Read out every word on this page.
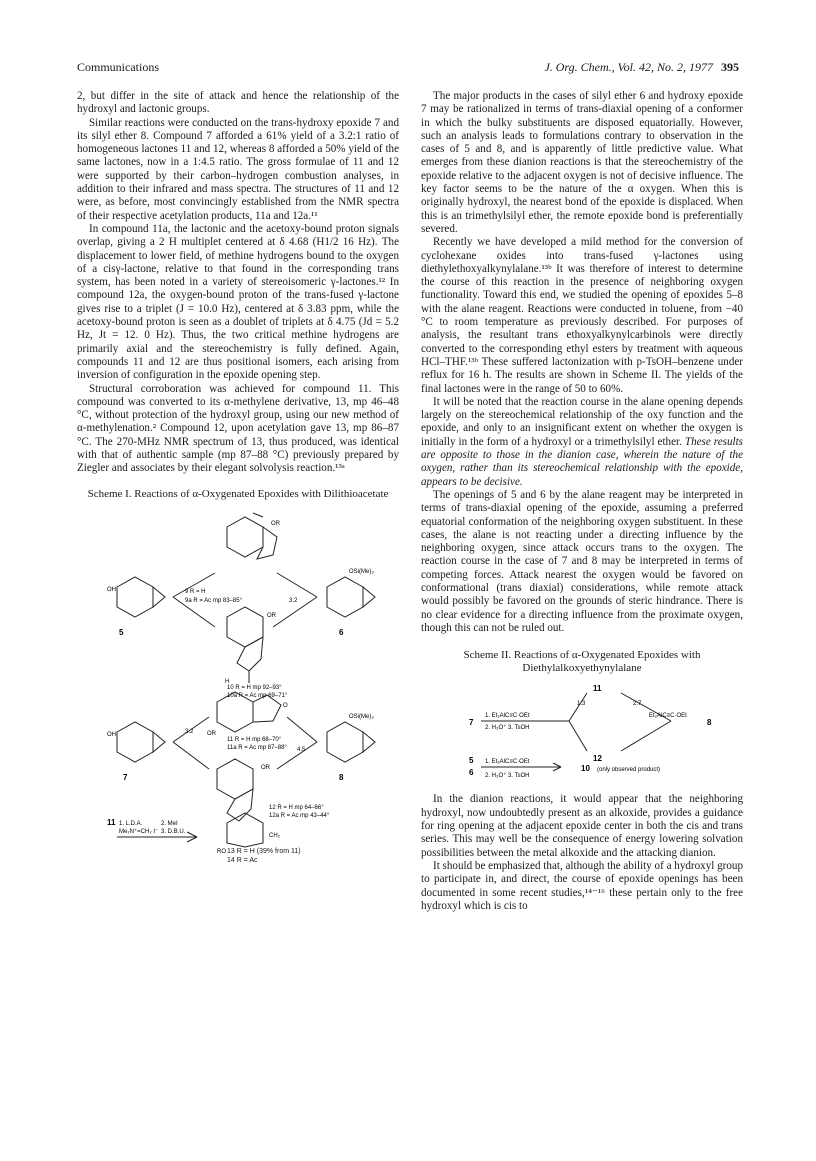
Communications	J. Org. Chem., Vol. 42, No. 2, 1977 395

2, but differ in the site of attack and hence the relationship of the hydroxyl and lactonic groups.

Similar reactions were conducted on the trans-hydroxy epoxide 7 and its silyl ether 8. Compound 7 afforded a 61% yield of a 3.2:1 ratio of homogeneous lactones 11 and 12, whereas 8 afforded a 50% yield of the same lactones, now in a 1:4.5 ratio. The gross formulae of 11 and 12 were supported by their carbon–hydrogen combustion analyses, in addition to their infrared and mass spectra. The structures of 11 and 12 were, as before, most convincingly established from the NMR spectra of their respective acetylation products, 11a and 12a.¹¹

In compound 11a, the lactonic and the acetoxy-bound proton signals overlap, giving a 2 H multiplet centered at δ 4.68 (H1/2 16 Hz). The displacement to lower field, of methine hydrogens bound to the oxygen of a cisγ-lactone, relative to that found in the corresponding trans system, has been noted in a variety of stereoisomeric γ-lactones.¹² In compound 12a, the oxygen-bound proton of the trans-fused γ-lactone gives rise to a triplet (J = 10.0 Hz), centered at δ 3.83 ppm, while the acetoxy-bound proton is seen as a doublet of triplets at δ 4.75 (Jd = 5.2 Hz, Jt = 12. 0 Hz). Thus, the two critical methine hydrogens are primarily axial and the stereochemistry is fully defined. Again, compounds 11 and 12 are thus positional isomers, each arising from inversion of configuration in the epoxide opening step.

Structural corroboration was achieved for compound 11. This compound was converted to its α-methylene derivative, 13, mp 46–48 °C, without protection of the hydroxyl group, using our new method of α-methylenation.² Compound 12, upon acetylation gave 13, mp 86–87 °C. The 270-MHz NMR spectrum of 13, thus produced, was identical with that of authentic sample (mp 87–88 °C) previously prepared by Ziegler and associates by their elegant solvolysis reaction.¹³ᵃ

Scheme I. Reactions of α-Oxygenated Epoxides with Dilithioacetate
OR
OH
5
9 R = H
9a R = Ac mp 83–85°	3.2
OSi(Me)₃
6
OR
H
10 R = H mp 92–93°
10a R = Ac mp 69–71°
OH
7
3.2
11 R = H mp 68–70°
11a R = Ac mp 87–88° 4.5
OSi(Me)₃
8
OR
OR
O
12 R = H mp 64–66°
12a R = Ac mp 43–44°
11 1. L.D.A.
Me₂N⁺=CH₂ I⁻
2. MeI
3. D.B.U.
CH₂
RO 13 R = H (39% from 11)
14 R = Ac

The major products in the cases of silyl ether 6 and hydroxy epoxide 7 may be rationalized in terms of trans-diaxial opening of a conformer in which the bulky substituents are disposed equatorially. However, such an analysis leads to formulations contrary to observation in the cases of 5 and 8, and is apparently of little predictive value. What emerges from these dianion reactions is that the stereochemistry of the epoxide relative to the adjacent oxygen is not of decisive influence. The key factor seems to be the nature of the α oxygen. When this is originally hydroxyl, the nearest bond of the epoxide is displaced. When this is an trimethylsilyl ether, the remote epoxide bond is preferentially severed.

Recently we have developed a mild method for the conversion of cyclohexane oxides into trans-fused γ-lactones using diethylethoxyalkynylalane.¹³ᵇ It was therefore of interest to determine the course of this reaction in the presence of neighboring oxygen functionality. Toward this end, we studied the opening of epoxides 5–8 with the alane reagent. Reactions were conducted in toluene, from −40 °C to room temperature as previously described. For purposes of analysis, the resultant trans ethoxyalkynylcarbinols were directly converted to the corresponding ethyl esters by treatment with aqueous HCl–THF.¹³ᵇ These suffered lactonization with p-TsOH–benzene under reflux for 16 h. The results are shown in Scheme II. The yields of the final lactones were in the range of 50 to 60%.

It will be noted that the reaction course in the alane opening depends largely on the stereochemical relationship of the oxy function and the epoxide, and only to an insignificant extent on whether the oxygen is initially in the form of a hydroxyl or a trimethylsilyl ether. These results are opposite to those in the dianion case, wherein the nature of the oxygen, rather than its stereochemical relationship with the epoxide, appears to be decisive.

The openings of 5 and 6 by the alane reagent may be interpreted in terms of trans-diaxial opening of the epoxide, assuming a preferred equatorial conformation of the neighboring oxygen substituent. In these cases, the alane is not reacting under a directing influence by the neighboring oxygen, since attack occurs trans to the oxygen. The reaction course in the case of 7 and 8 may be interpreted in terms of competing forces. Attack nearest the oxygen would be favored on conformational (trans diaxial) considerations, while remote attack would possibly be favored on the grounds of steric hindrance. There is no clear evidence for a directing influence from the proximate oxygen, though this can not be ruled out.

Scheme II. Reactions of α-Oxygenated Epoxides with Diethylalkoxyethynylalane
11
12
1.3	2.7
7
1. Et₂AlC≡C·OEt
2. H₃O⁺ 3. TsOH
Et₂AlC≡C·OEt
8
5
6
1. Et₂AlC≡C·OEt
2. H₃O⁺ 3. TsOH
10 (only observed product)

In the dianion reactions, it would appear that the neighboring hydroxyl, now undoubtedly present as an alkoxide, provides a guidance for ring opening at the adjacent epoxide center in both the cis and trans series. This may well be the consequence of energy lowering solvation possibilities between the metal alkoxide and the attacking dianion.

It should be emphasized that, although the ability of a hydroxyl group to participate in, and direct, the course of epoxide openings has been documented in some recent studies,¹⁴⁻¹⁶ these pertain only to the free hydroxyl which is cis to
